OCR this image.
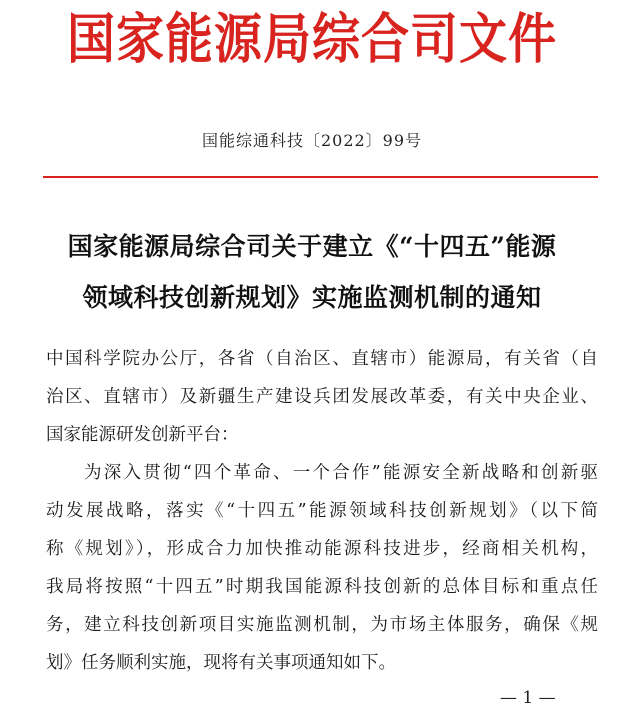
国家能源局综合司文件
国能综通科技〔2022〕99号
国家能源局综合司关于建立《“十四五”能源
领域科技创新规划》实施监测机制的通知
中国科学院办公厅，各省（自治区、直辖市）能源局，有关省（自
治区、直辖市）及新疆生产建设兵团发展改革委，有关中央企业、
国家能源研发创新平台：
为深入贯彻“四个革命、一个合作”能源安全新战略和创新驱
动发展战略，落实《“十四五”能源领域科技创新规划》（以下简
称《规划》），形成合力加快推动能源科技进步，经商相关机构，
我局将按照“十四五”时期我国能源科技创新的总体目标和重点任
务，建立科技创新项目实施监测机制，为市场主体服务，确保《规
划》任务顺利实施，现将有关事项通知如下。
— 1 —
